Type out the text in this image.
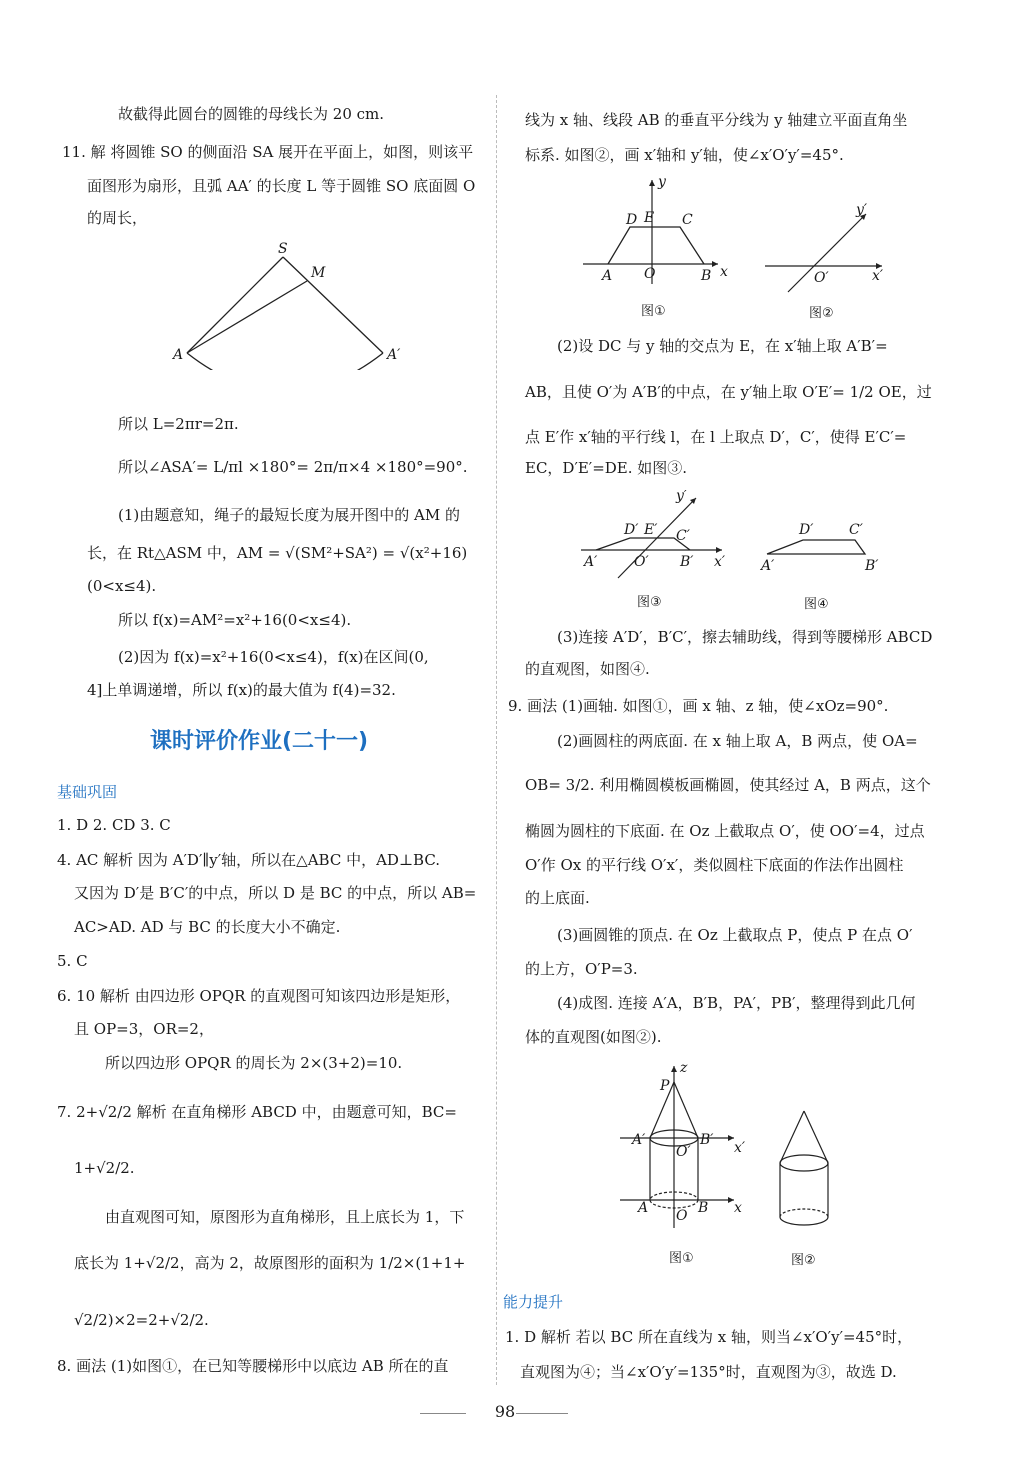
故截得此圆台的圆锥的母线长为 20 cm.
11. 解 将圆锥 SO 的侧面沿 SA 展开在平面上，如图，则该平
面图形为扇形，且弧 AA′ 的长度 L 等于圆锥 SO 底面圆 O
的周长，
S
M
A	A′
所以 L=2πr=2π.
所以∠ASA′= L/πl ×180°= 2π/π×4 ×180°=90°.
(1)由题意知，绳子的最短长度为展开图中的 AM 的
长，在 Rt△ASM 中，AM = √(SM²+SA²) = √(x²+16)
(0<x≤4).
所以 f(x)=AM²=x²+16(0<x≤4).
(2)因为 f(x)=x²+16(0<x≤4)，f(x)在区间(0,
4]上单调递增，所以 f(x)的最大值为 f(4)=32.
课时评价作业(二十一)
基础巩固
1. D 2. CD 3. C
4. AC 解析 因为 A′D′∥y′轴，所以在△ABC 中，AD⊥BC.
又因为 D′是 B′C′的中点，所以 D 是 BC 的中点，所以 AB=
AC>AD. AD 与 BC 的长度大小不确定.
5. C
6. 10 解析 由四边形 OPQR 的直观图可知该四边形是矩形，
且 OP=3，OR=2，
所以四边形 OPQR 的周长为 2×(3+2)=10.
7. 2+√2/2 解析 在直角梯形 ABCD 中，由题意可知，BC=
1+√2/2.
由直观图可知，原图形为直角梯形，且上底长为 1，下
底长为 1+√2/2，高为 2，故原图形的面积为 1/2×(1+1+
√2/2)×2=2+√2/2.
8. 画法 (1)如图①，在已知等腰梯形中以底边 AB 所在的直
线为 x 轴、线段 AB 的垂直平分线为 y 轴建立平面直角坐
标系. 如图②，画 x′轴和 y′轴，使∠x′O′y′=45°.
y
x
D E C
A O	B
图①
y′
x′
O′
图②
(2)设 DC 与 y 轴的交点为 E，在 x′轴上取 A′B′=
AB，且使 O′为 A′B′的中点，在 y′轴上取 O′E′= 1/2 OE，过
点 E′作 x′轴的平行线 l，在 l 上取点 D′，C′，使得 E′C′=
EC，D′E′=DE. 如图③.
y′
x′
D′ E′ C′
A′	O′ B′
图③
D′	C′
A′	B′
图④
(3)连接 A′D′，B′C′，擦去辅助线，得到等腰梯形 ABCD
的直观图，如图④.
9. 画法 (1)画轴. 如图①，画 x 轴、z 轴，使∠xOz=90°.
(2)画圆柱的两底面. 在 x 轴上取 A，B 两点，使 OA=
OB= 3/2. 利用椭圆模板画椭圆，使其经过 A，B 两点，这个
椭圆为圆柱的下底面. 在 Oz 上截取点 O′，使 OO′=4，过点
O′作 Ox 的平行线 O′x′，类似圆柱下底面的作法作出圆柱
的上底面.
(3)画圆锥的顶点. 在 Oz 上截取点 P，使点 P 在点 O′
的上方，O′P=3.
(4)成图. 连接 A′A，B′B，PA′，PB′，整理得到此几何
体的直观图(如图②).
z
P
A′	B′
O′	x′
A O B x
图①	图②
能力提升
1. D 解析 若以 BC 所在直线为 x 轴，则当∠x′O′y′=45°时，
直观图为④；当∠x′O′y′=135°时，直观图为③，故选 D.
98
